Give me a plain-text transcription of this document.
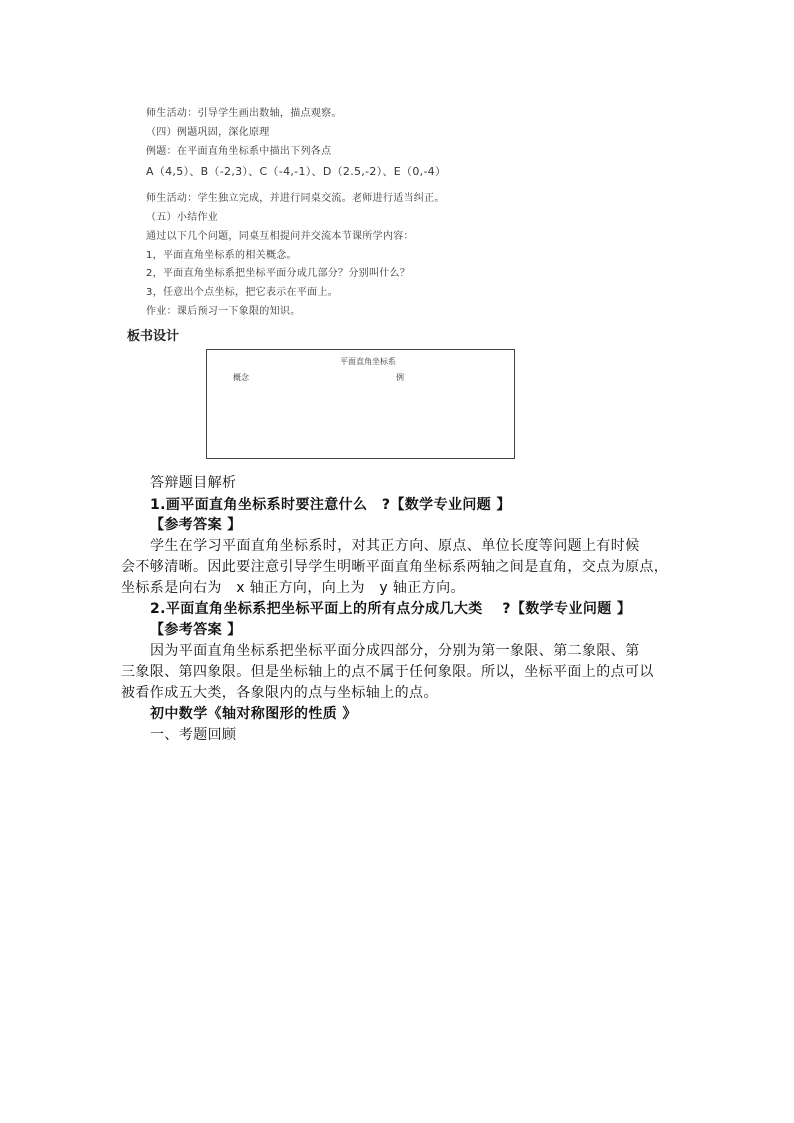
师生活动：引导学生画出数轴，描点观察。
（四）例题巩固，深化原理
例题：在平面直角坐标系中描出下列各点
A（4,5）、B（-2,3）、C（-4,-1）、D（2.5,-2）、E（0,-4）
师生活动：学生独立完成，并进行同桌交流。老师进行适当纠正。
（五）小结作业
通过以下几个问题，同桌互相提问并交流本节课所学内容：
1，平面直角坐标系的相关概念。
2，平面直角坐标系把坐标平面分成几部分？分别叫什么？
3，任意出个点坐标，把它表示在平面上。
作业：课后预习一下象限的知识。
板书设计
平面直角坐标系
概念	例
答辩题目解析
1.画平面直角坐标系时要注意什么　?【数学专业问题 】
【参考答案 】
学生在学习平面直角坐标系时，对其正方向、原点、单位长度等问题上有时候
会不够清晰。因此要注意引导学生明晰平面直角坐标系两轴之间是直角，交点为原点，
坐标系是向右为　x 轴正方向，向上为　y 轴正方向。
2.平面直角坐标系把坐标平面上的所有点分成几大类　 ?【数学专业问题 】
【参考答案 】
因为平面直角坐标系把坐标平面分成四部分，分别为第一象限、第二象限、第
三象限、第四象限。但是坐标轴上的点不属于任何象限。所以，坐标平面上的点可以
被看作成五大类，各象限内的点与坐标轴上的点。
初中数学《轴对称图形的性质 》
一、考题回顾
